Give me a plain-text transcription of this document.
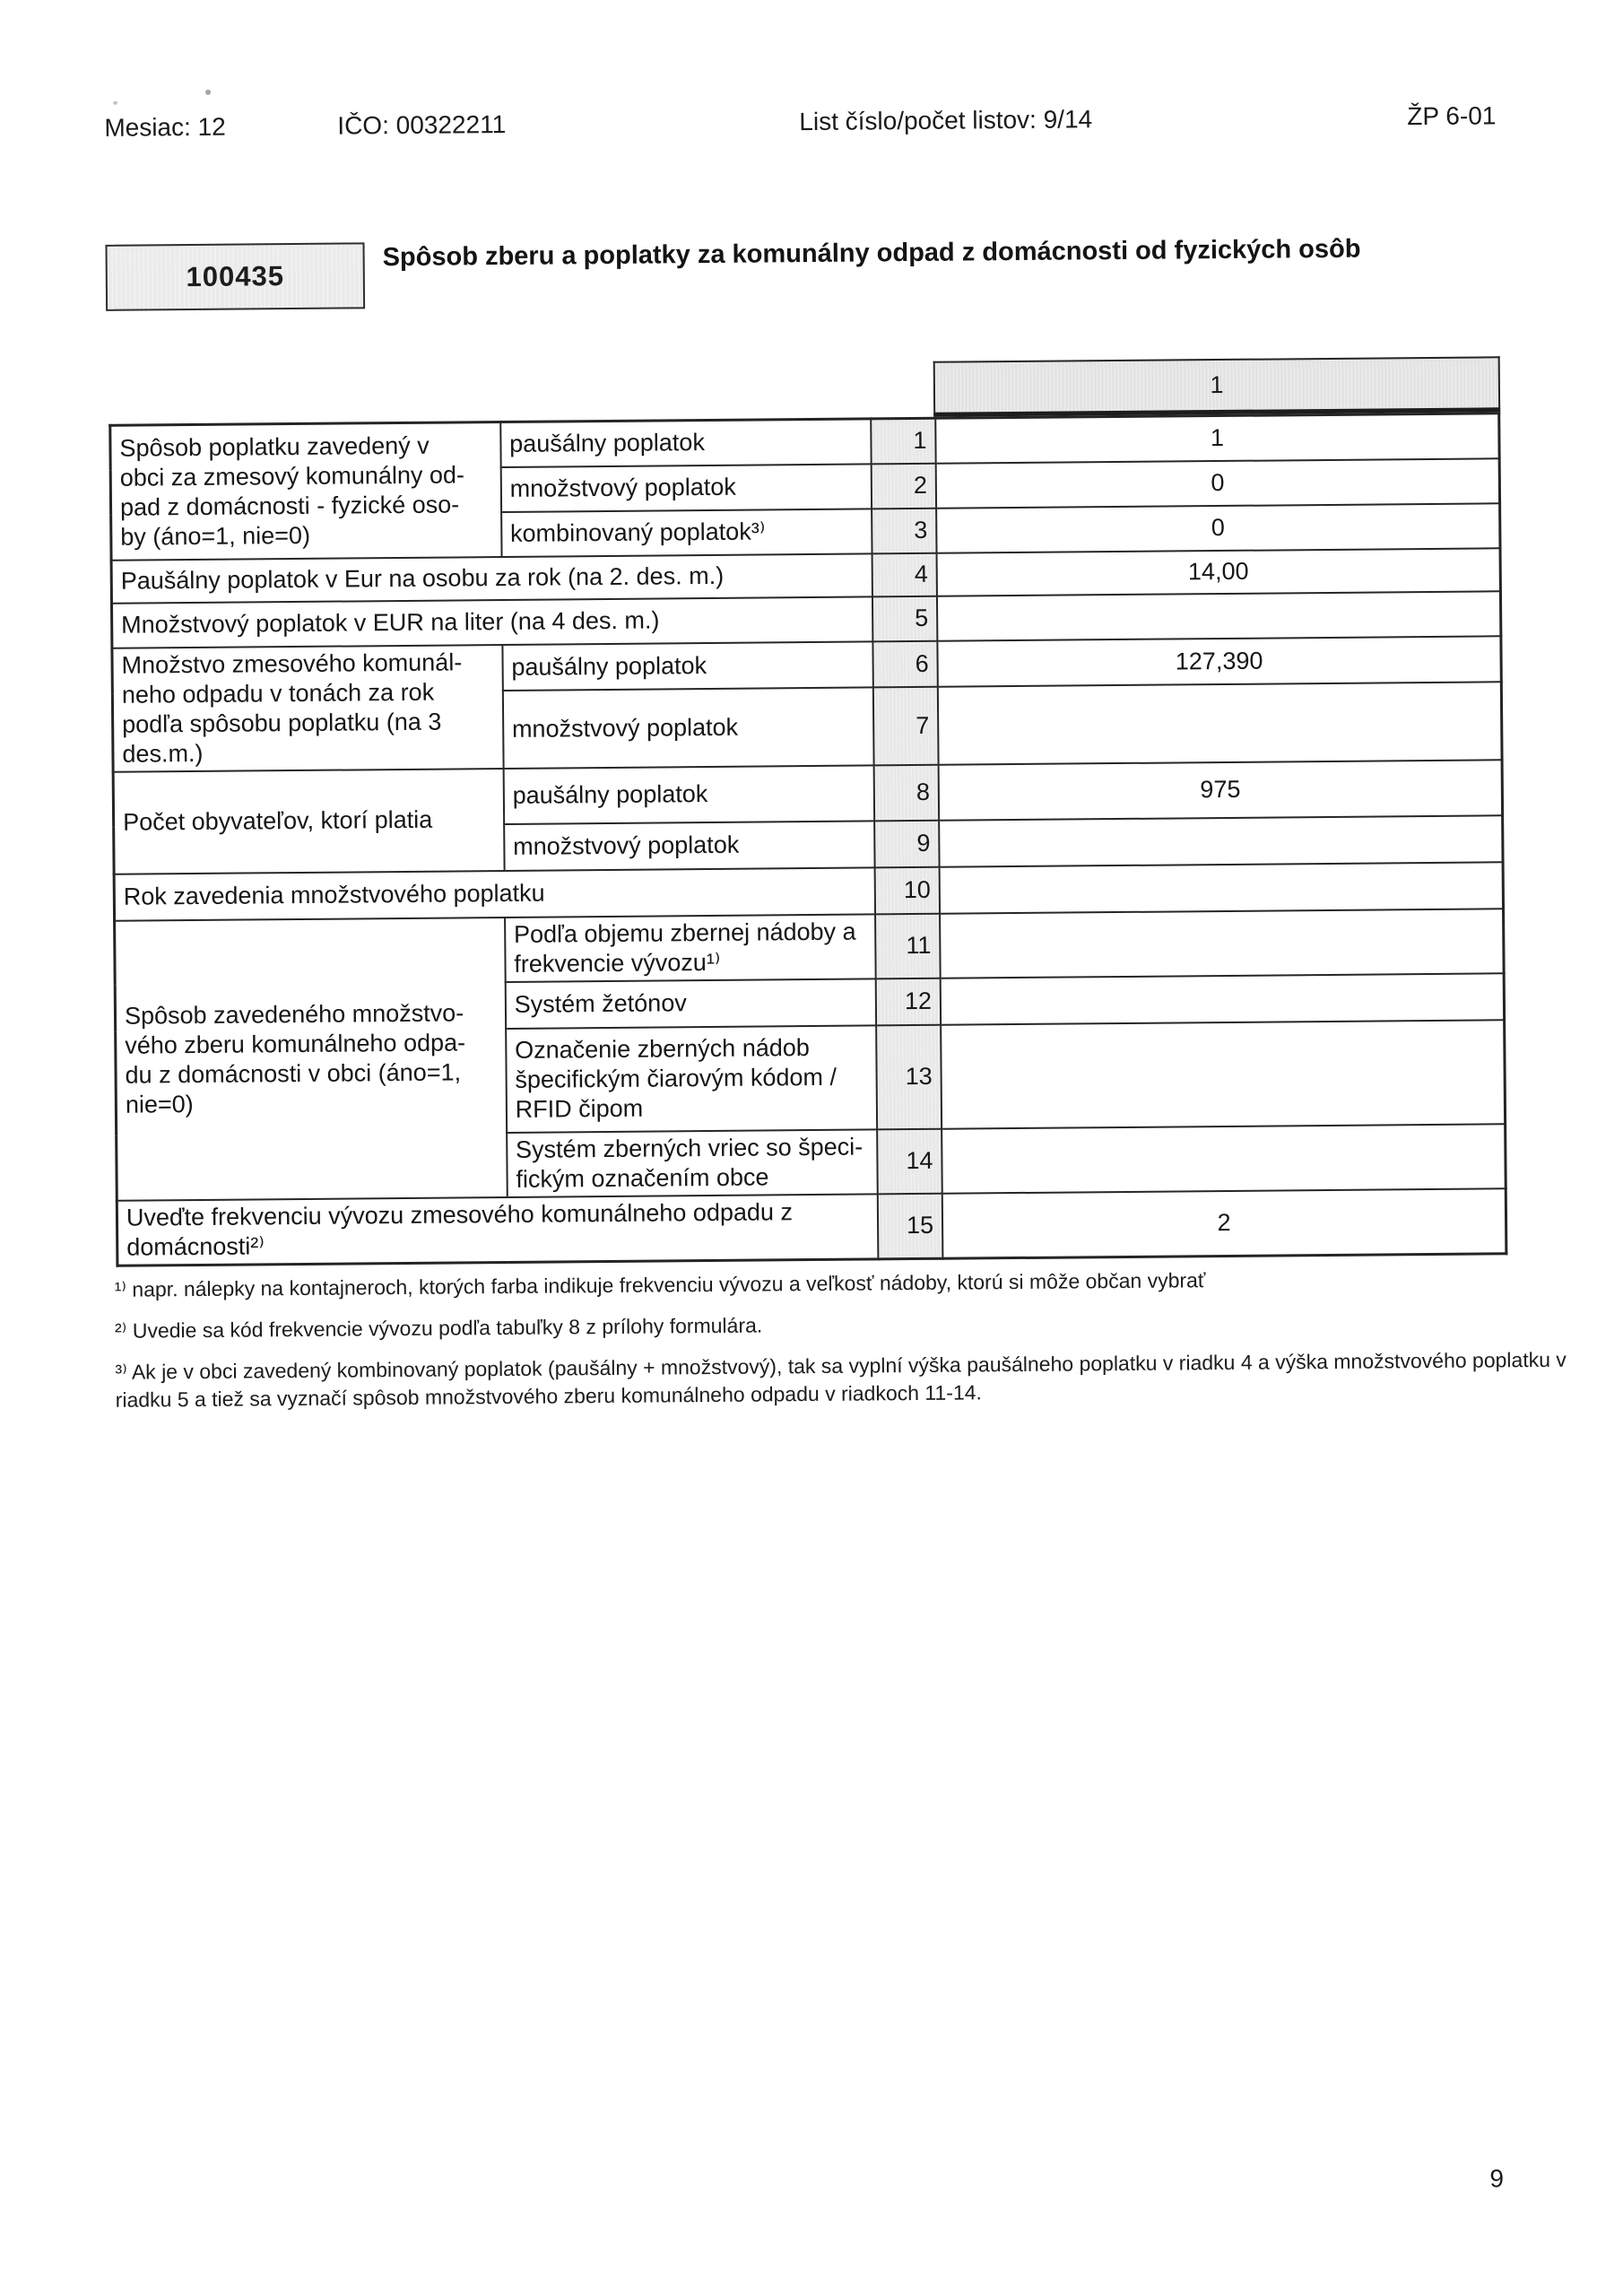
Mesiac: 12	IČO: 00322211	List číslo/počet listov: 9/14	ŽP 6-01
100435
Spôsob zberu a poplatky za komunálny odpad z domácnosti od fyzických osôb
1
Spôsob poplatku zavedený v
obci za zmesový komunálny od-
pad z domácnosti - fyzické oso-
by (áno=1, nie=0)	paušálny poplatok	1	1
	množstvový poplatok	2	0
	kombinovaný poplatok³⁾	3	0
Paušálny poplatok v Eur na osobu za rok (na 2. des. m.)		4	14,00
Množstvový poplatok v EUR na liter (na 4 des. m.)		5	
Množstvo zmesového komunál-
neho odpadu v tonách za rok
podľa spôsobu poplatku (na 3
des.m.)	paušálny poplatok	6	127,390
	množstvový poplatok	7	
Počet obyvateľov, ktorí platia	paušálny poplatok	8	975
	množstvový poplatok	9	
Rok zavedenia množstvového poplatku		10	
Spôsob zavedeného množstvo-
vého zberu komunálneho odpa-
du z domácnosti v obci (áno=1,
nie=0)	Podľa objemu zbernej nádoby a
frekvencie vývozu¹⁾	11	
	Systém žetónov	12	
	Označenie zberných nádob
špecifickým čiarovým kódom /
RFID čipom	13	
	Systém zberných vriec so špeci-
fickým označením obce	14	
Uveďte frekvenciu vývozu zmesového komunálneho odpadu z
domácnosti²⁾		15	2

¹⁾ napr. nálepky na kontajneroch, ktorých farba indikuje frekvenciu vývozu a veľkosť nádoby, ktorú si môže občan vybrať

²⁾ Uvedie sa kód frekvencie vývozu podľa tabuľky 8 z prílohy formulára.

³⁾ Ak je v obci zavedený kombinovaný poplatok (paušálny + množstvový), tak sa vyplní výška paušálneho poplatku v riadku 4 a výška množstvového poplatku v riadku 5 a tiež sa vyznačí spôsob množstvového zberu komunálneho odpadu v riadkoch 11-14.

9
